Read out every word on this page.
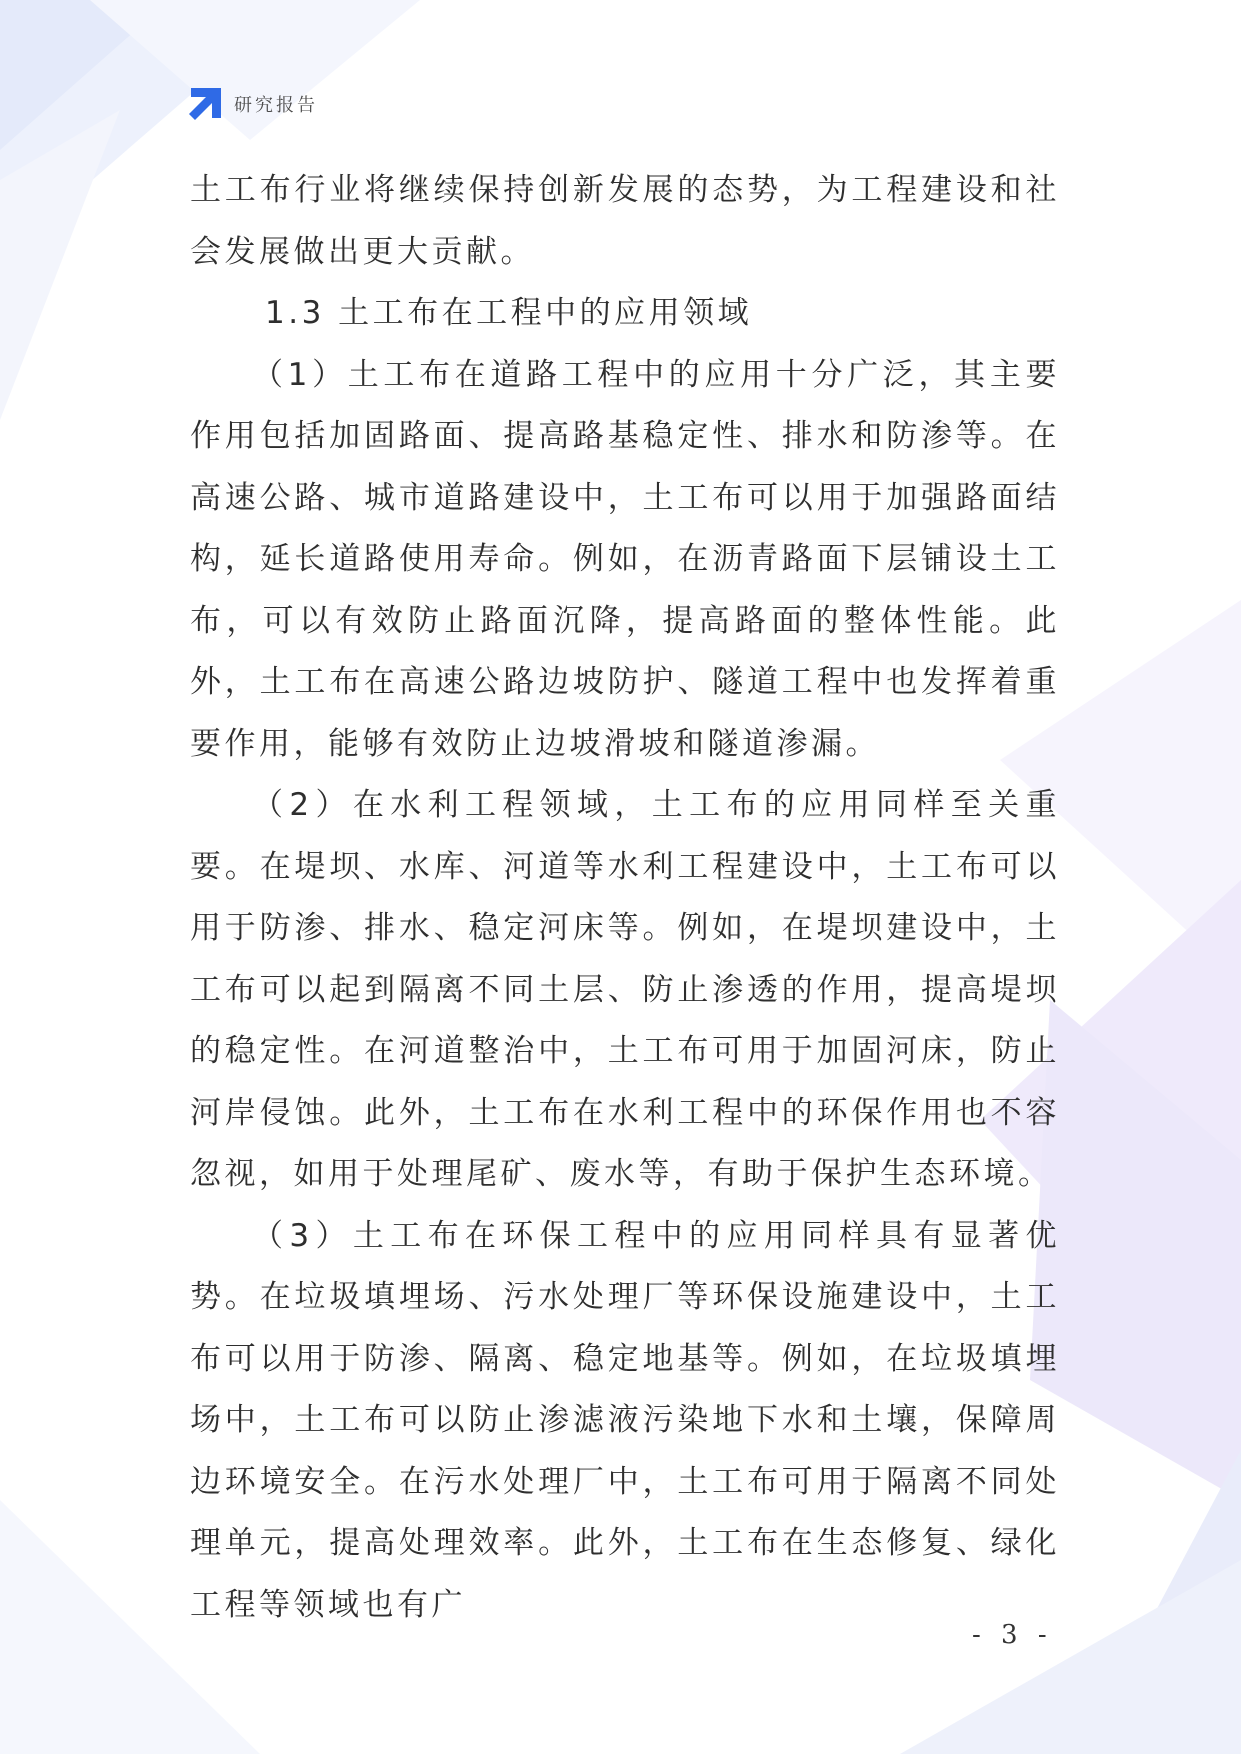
研究报告

土工布行业将继续保持创新发展的态势，为工程建设和社会发展做出更大贡献。

1.3 土工布在工程中的应用领域

（1）土工布在道路工程中的应用十分广泛，其主要作用包括加固路面、提高路基稳定性、排水和防渗等。在高速公路、城市道路建设中，土工布可以用于加强路面结构，延长道路使用寿命。例如，在沥青路面下层铺设土工布，可以有效防止路面沉降，提高路面的整体性能。此外，土工布在高速公路边坡防护、隧道工程中也发挥着重要作用，能够有效防止边坡滑坡和隧道渗漏。

（2）在水利工程领域，土工布的应用同样至关重要。在堤坝、水库、河道等水利工程建设中，土工布可以用于防渗、排水、稳定河床等。例如，在堤坝建设中，土工布可以起到隔离不同土层、防止渗透的作用，提高堤坝的稳定性。在河道整治中，土工布可用于加固河床，防止河岸侵蚀。此外，土工布在水利工程中的环保作用也不容忽视，如用于处理尾矿、废水等，有助于保护生态环境。

（3）土工布在环保工程中的应用同样具有显著优势。在垃圾填埋场、污水处理厂等环保设施建设中，土工布可以用于防渗、隔离、稳定地基等。例如，在垃圾填埋场中，土工布可以防止渗滤液污染地下水和土壤，保障周边环境安全。在污水处理厂中，土工布可用于隔离不同处理单元，提高处理效率。此外，土工布在生态修复、绿化工程等领域也有广

- 3 -
